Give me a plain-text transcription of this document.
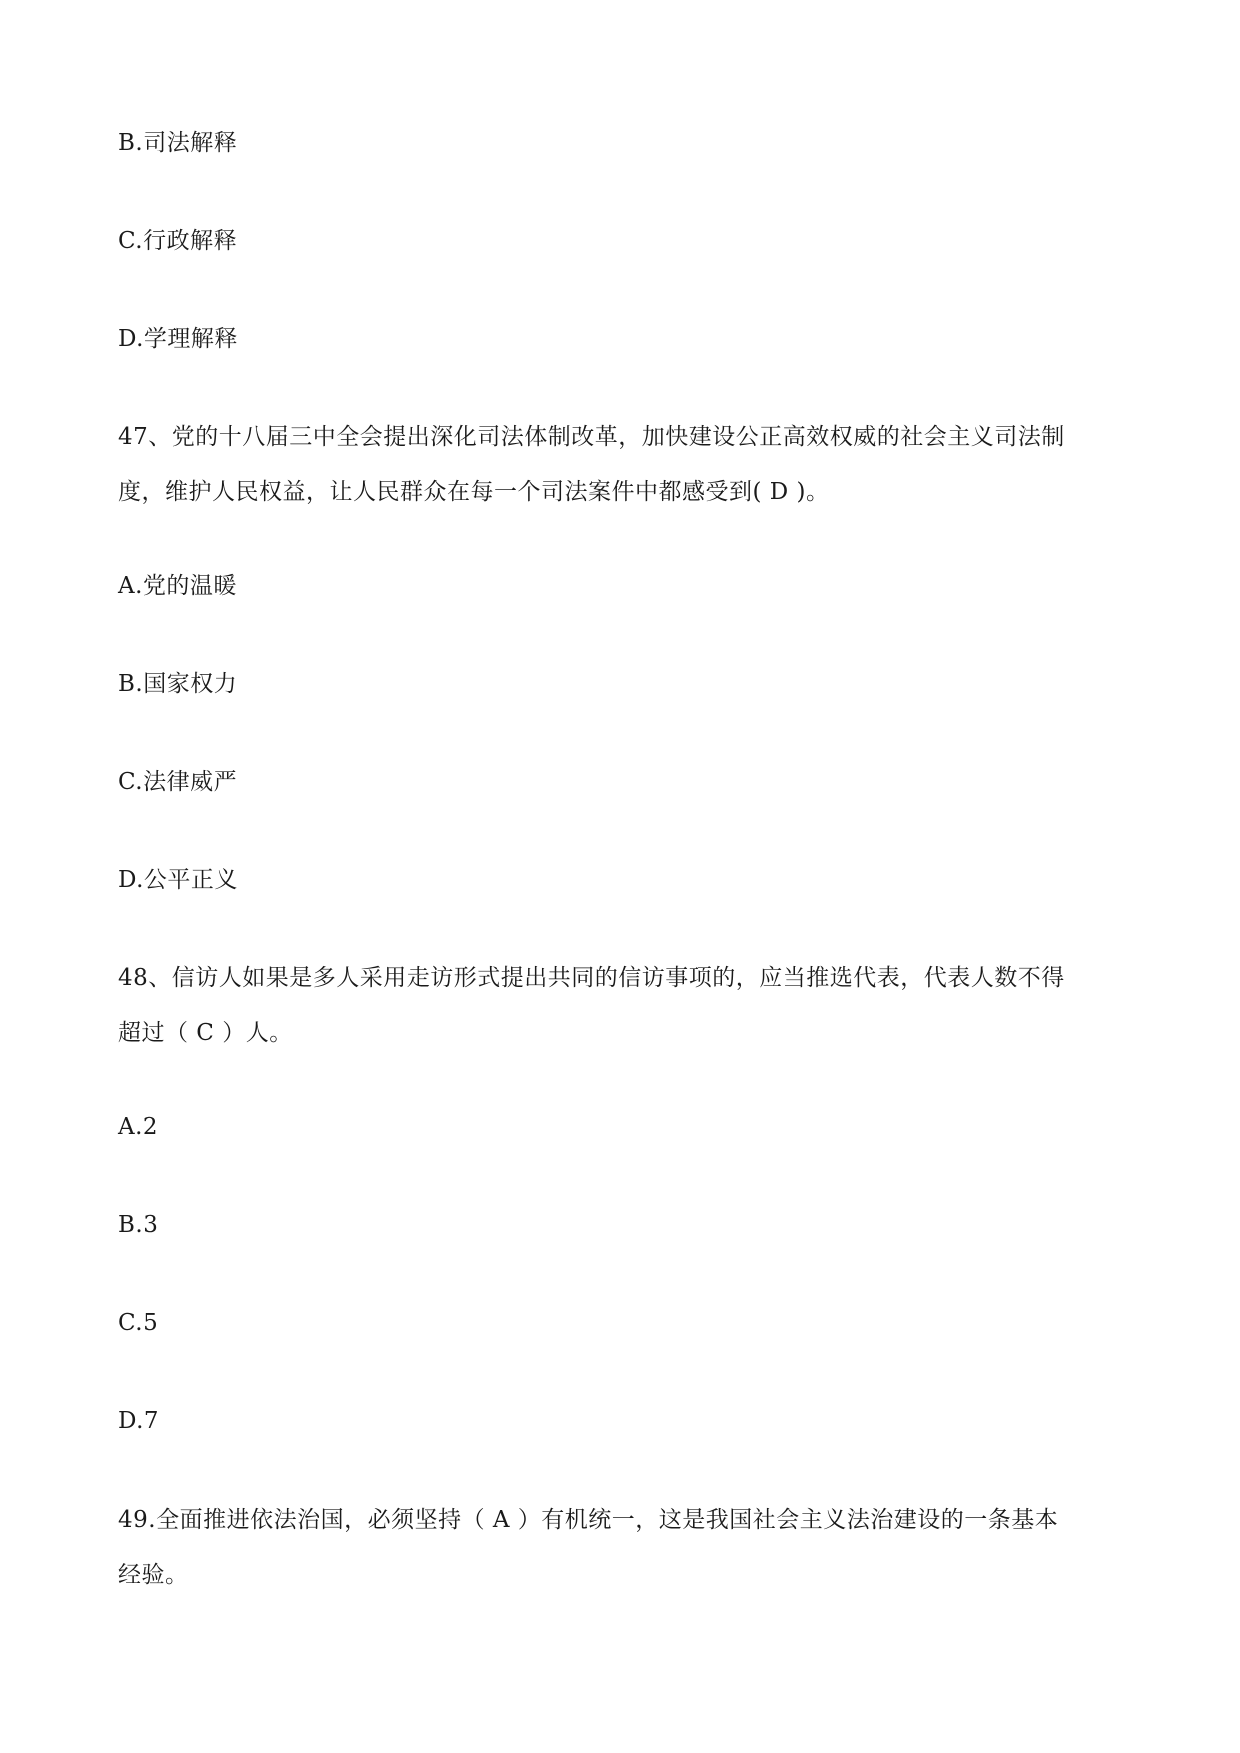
B.司法解释
C.行政解释
D.学理解释
47、党的十八届三中全会提出深化司法体制改革，加快建设公正高效权威的社会主义司法制
度，维护人民权益，让人民群众在每一个司法案件中都感受到( D )。
A.党的温暖
B.国家权力
C.法律威严
D.公平正义
48、信访人如果是多人采用走访形式提出共同的信访事项的，应当推选代表，代表人数不得
超过（ C ）人。
A.2
B.3
C.5
D.7
49.全面推进依法治国，必须坚持（ A ）有机统一，这是我国社会主义法治建设的一条基本
经验。
